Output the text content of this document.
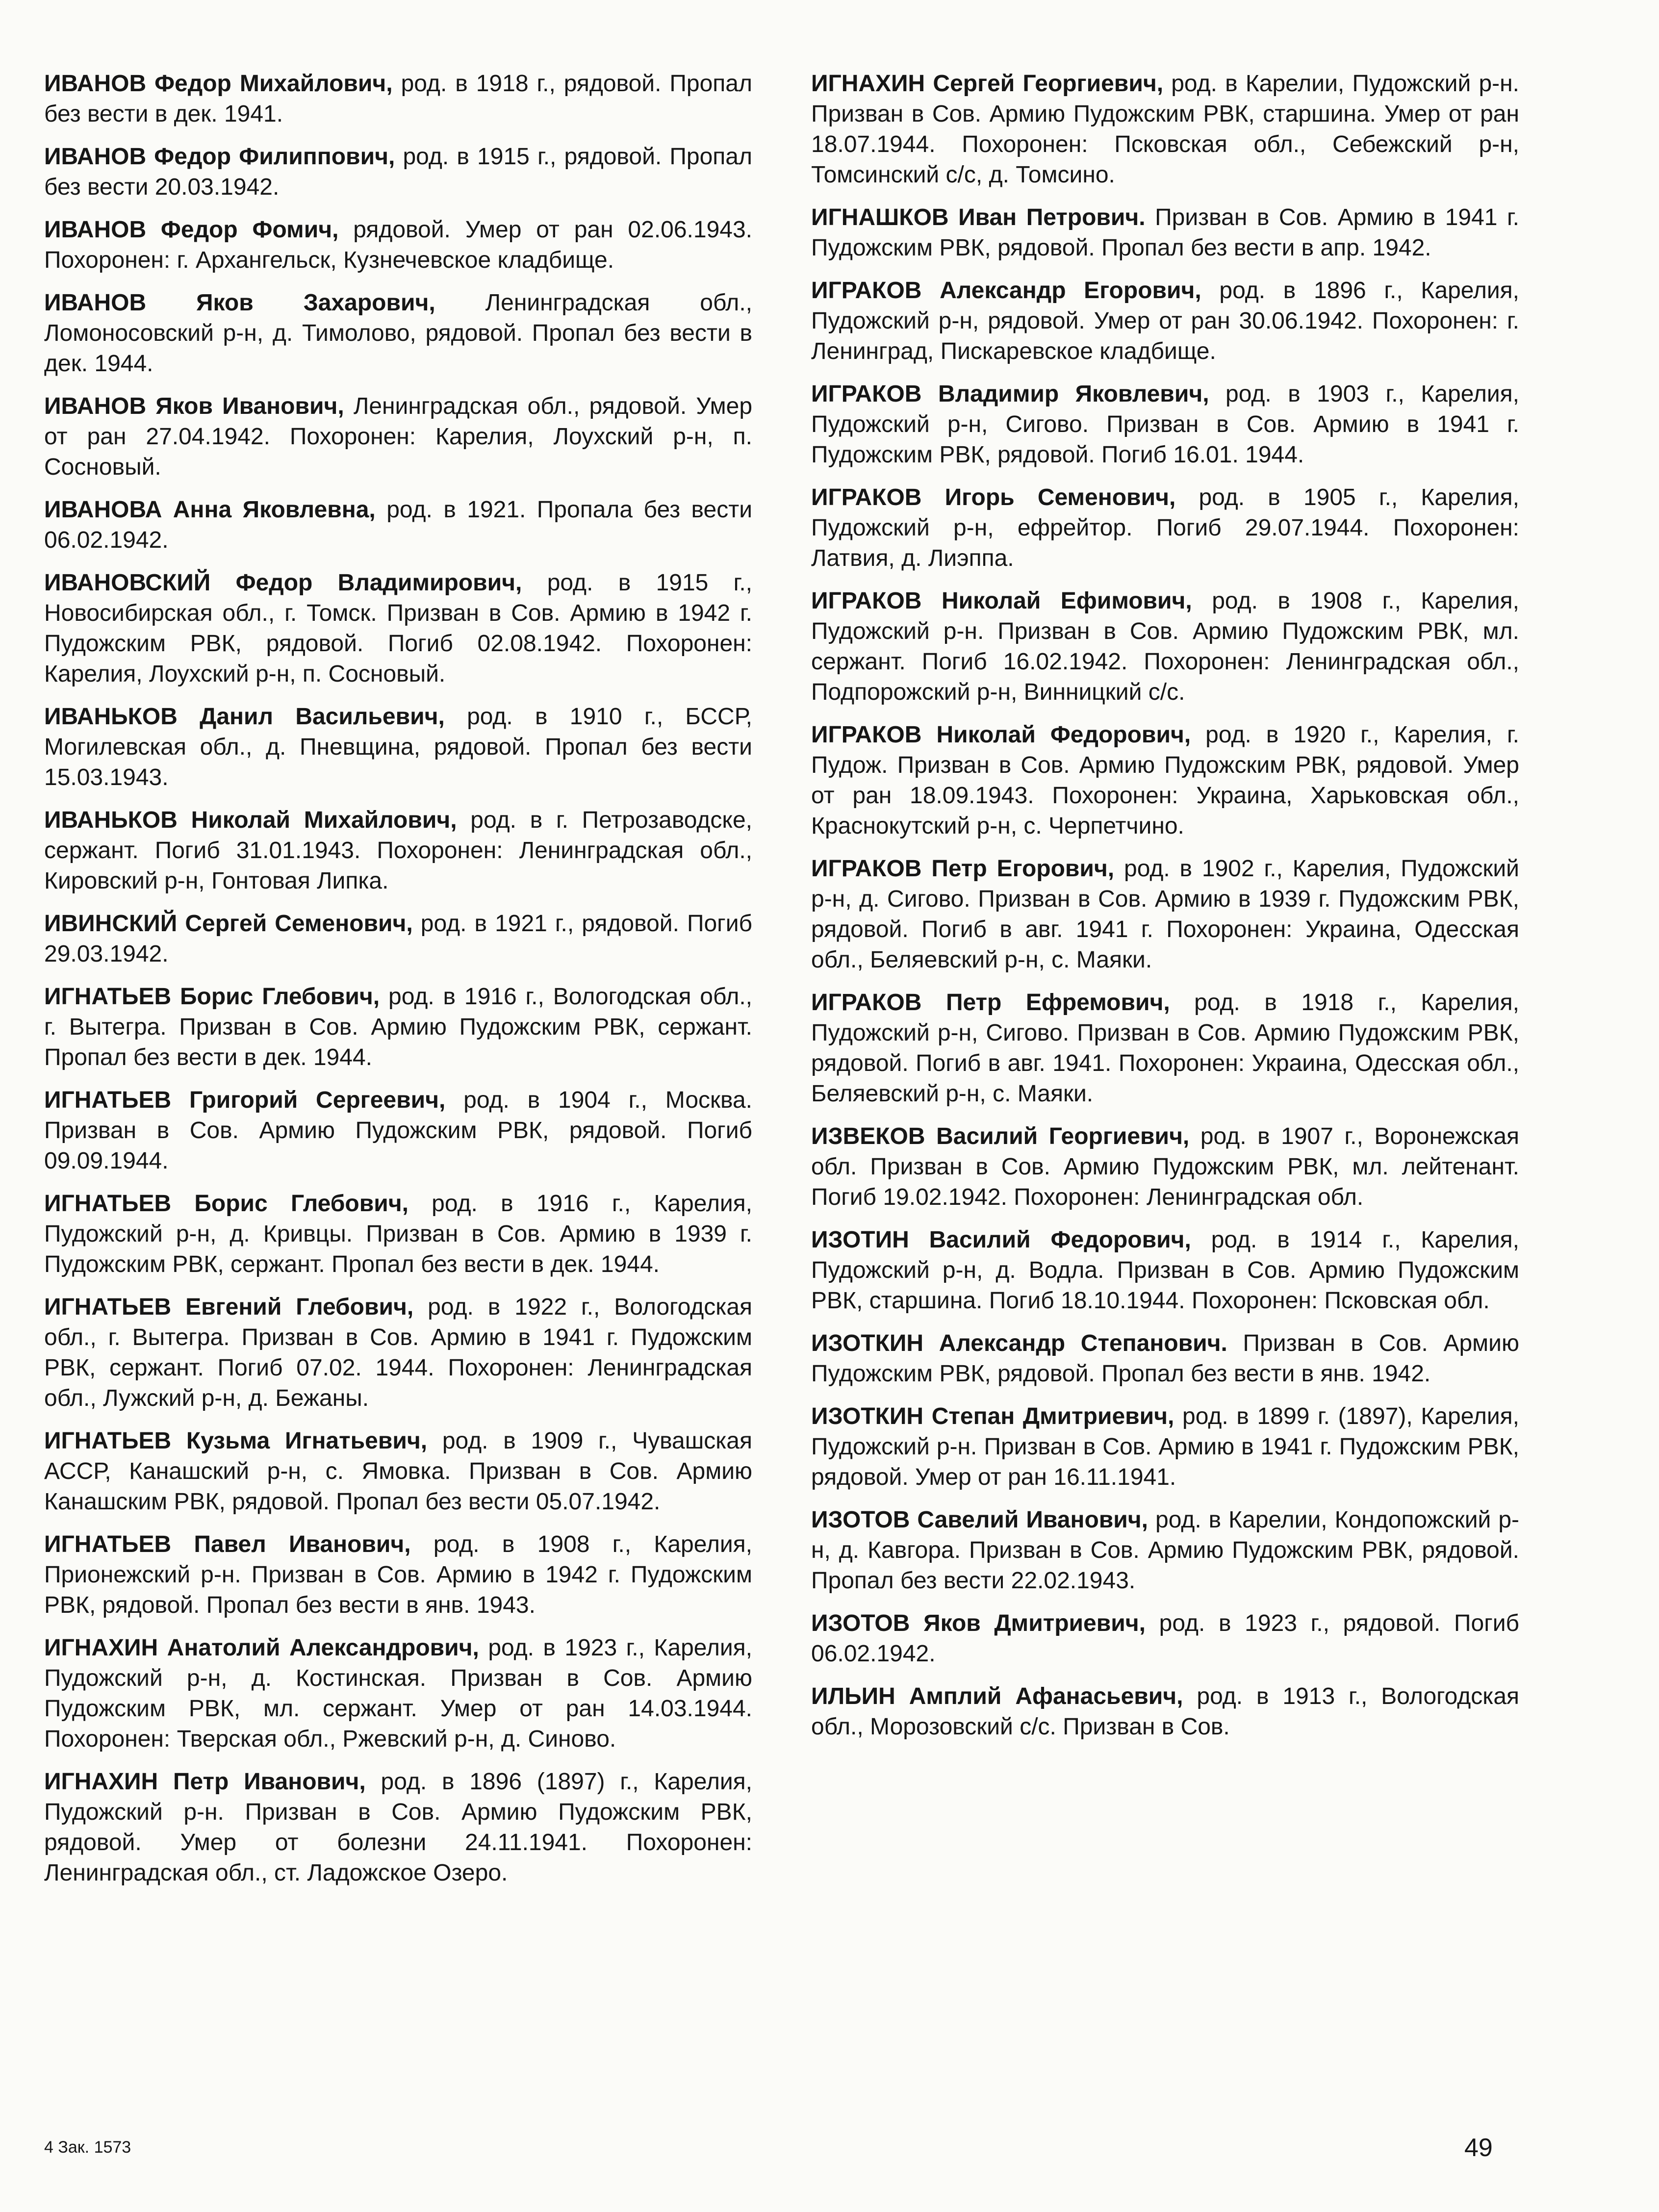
ИВАНОВ Федор Михайлович, род. в 1918 г., рядовой. Пропал без вести в дек. 1941.

ИВАНОВ Федор Филиппович, род. в 1915 г., рядовой. Пропал без вести 20.03.1942.

ИВАНОВ Федор Фомич, рядовой. Умер от ран 02.06.1943. Похоронен: г. Архангельск, Кузнечевское кладбище.

ИВАНОВ Яков Захарович, Ленинградская обл., Ломоносовский р-н, д. Тимолово, рядовой. Пропал без вести в дек. 1944.

ИВАНОВ Яков Иванович, Ленинградская обл., рядовой. Умер от ран 27.04.1942. Похоронен: Карелия, Лоухский р-н, п. Сосновый.

ИВАНОВА Анна Яковлевна, род. в 1921. Пропала без вести 06.02.1942.

ИВАНОВСКИЙ Федор Владимирович, род. в 1915 г., Новосибирская обл., г. Томск. Призван в Сов. Армию в 1942 г. Пудожским РВК, рядовой. Погиб 02.08.1942. Похоронен: Карелия, Лоухский р-н, п. Сосновый.

ИВАНЬКОВ Данил Васильевич, род. в 1910 г., БССР, Могилевская обл., д. Пневщина, рядовой. Пропал без вести 15.03.1943.

ИВАНЬКОВ Николай Михайлович, род. в г. Петрозаводске, сержант. Погиб 31.01.1943. Похоронен: Ленинградская обл., Кировский р-н, Гонтовая Липка.

ИВИНСКИЙ Сергей Семенович, род. в 1921 г., рядовой. Погиб 29.03.1942.

ИГНАТЬЕВ Борис Глебович, род. в 1916 г., Вологодская обл., г. Вытегра. Призван в Сов. Армию Пудожским РВК, сержант. Пропал без вести в дек. 1944.

ИГНАТЬЕВ Григорий Сергеевич, род. в 1904 г., Москва. Призван в Сов. Армию Пудожским РВК, рядовой. Погиб 09.09.1944.

ИГНАТЬЕВ Борис Глебович, род. в 1916 г., Карелия, Пудожский р-н, д. Кривцы. Призван в Сов. Армию в 1939 г. Пудожским РВК, сержант. Пропал без вести в дек. 1944.

ИГНАТЬЕВ Евгений Глебович, род. в 1922 г., Вологодская обл., г. Вытегра. Призван в Сов. Армию в 1941 г. Пудожским РВК, сержант. Погиб 07.02. 1944. Похоронен: Ленинградская обл., Лужский р-н, д. Бежаны.

ИГНАТЬЕВ Кузьма Игнатьевич, род. в 1909 г., Чувашская АССР, Канашский р-н, с. Ямовка. Призван в Сов. Армию Канашским РВК, рядовой. Пропал без вести 05.07.1942.

ИГНАТЬЕВ Павел Иванович, род. в 1908 г., Карелия, Прионежский р-н. Призван в Сов. Армию в 1942 г. Пудожским РВК, рядовой. Пропал без вести в янв. 1943.

ИГНАХИН Анатолий Александрович, род. в 1923 г., Карелия, Пудожский р-н, д. Костинская. Призван в Сов. Армию Пудожским РВК, мл. сержант. Умер от ран 14.03.1944. Похоронен: Тверская обл., Ржевский р-н, д. Синово.

ИГНАХИН Петр Иванович, род. в 1896 (1897) г., Карелия, Пудожский р-н. Призван в Сов. Армию Пудожским РВК, рядовой. Умер от болезни 24.11.1941. Похоронен: Ленинградская обл., ст. Ладожское Озеро.

ИГНАХИН Сергей Георгиевич, род. в Карелии, Пудожский р-н. Призван в Сов. Армию Пудожским РВК, старшина. Умер от ран 18.07.1944. Похоронен: Псковская обл., Себежский р-н, Томсинский с/с, д. Томсино.

ИГНАШКОВ Иван Петрович. Призван в Сов. Армию в 1941 г. Пудожским РВК, рядовой. Пропал без вести в апр. 1942.

ИГРАКОВ Александр Егорович, род. в 1896 г., Карелия, Пудожский р-н, рядовой. Умер от ран 30.06.1942. Похоронен: г. Ленинград, Пискаревское кладбище.

ИГРАКОВ Владимир Яковлевич, род. в 1903 г., Карелия, Пудожский р-н, Сигово. Призван в Сов. Армию в 1941 г. Пудожским РВК, рядовой. Погиб 16.01. 1944.

ИГРАКОВ Игорь Семенович, род. в 1905 г., Карелия, Пудожский р-н, ефрейтор. Погиб 29.07.1944. Похоронен: Латвия, д. Лиэппа.

ИГРАКОВ Николай Ефимович, род. в 1908 г., Карелия, Пудожский р-н. Призван в Сов. Армию Пудожским РВК, мл. сержант. Погиб 16.02.1942. Похоронен: Ленинградская обл., Подпорожский р-н, Винницкий с/с.

ИГРАКОВ Николай Федорович, род. в 1920 г., Карелия, г. Пудож. Призван в Сов. Армию Пудожским РВК, рядовой. Умер от ран 18.09.1943. Похоронен: Украина, Харьковская обл., Краснокутский р-н, с. Черпетчино.

ИГРАКОВ Петр Егорович, род. в 1902 г., Карелия, Пудожский р-н, д. Сигово. Призван в Сов. Армию в 1939 г. Пудожским РВК, рядовой. Погиб в авг. 1941 г. Похоронен: Украина, Одесская обл., Беляевский р-н, с. Маяки.

ИГРАКОВ Петр Ефремович, род. в 1918 г., Карелия, Пудожский р-н, Сигово. Призван в Сов. Армию Пудожским РВК, рядовой. Погиб в авг. 1941. Похоронен: Украина, Одесская обл., Беляевский р-н, с. Маяки.

ИЗВЕКОВ Василий Георгиевич, род. в 1907 г., Воронежская обл. Призван в Сов. Армию Пудожским РВК, мл. лейтенант. Погиб 19.02.1942. Похоронен: Ленинградская обл.

ИЗОТИН Василий Федорович, род. в 1914 г., Карелия, Пудожский р-н, д. Водла. Призван в Сов. Армию Пудожским РВК, старшина. Погиб 18.10.1944. Похоронен: Псковская обл.

ИЗОТКИН Александр Степанович. Призван в Сов. Армию Пудожским РВК, рядовой. Пропал без вести в янв. 1942.

ИЗОТКИН Степан Дмитриевич, род. в 1899 г. (1897), Карелия, Пудожский р-н. Призван в Сов. Армию в 1941 г. Пудожским РВК, рядовой. Умер от ран 16.11.1941.

ИЗОТОВ Савелий Иванович, род. в Карелии, Кондопожский р-н, д. Кавгора. Призван в Сов. Армию Пудожским РВК, рядовой. Пропал без вести 22.02.1943.

ИЗОТОВ Яков Дмитриевич, род. в 1923 г., рядовой. Погиб 06.02.1942.

ИЛЬИН Амплий Афанасьевич, род. в 1913 г., Вологодская обл., Морозовский с/с. Призван в Сов.

4 Зак. 1573	49
